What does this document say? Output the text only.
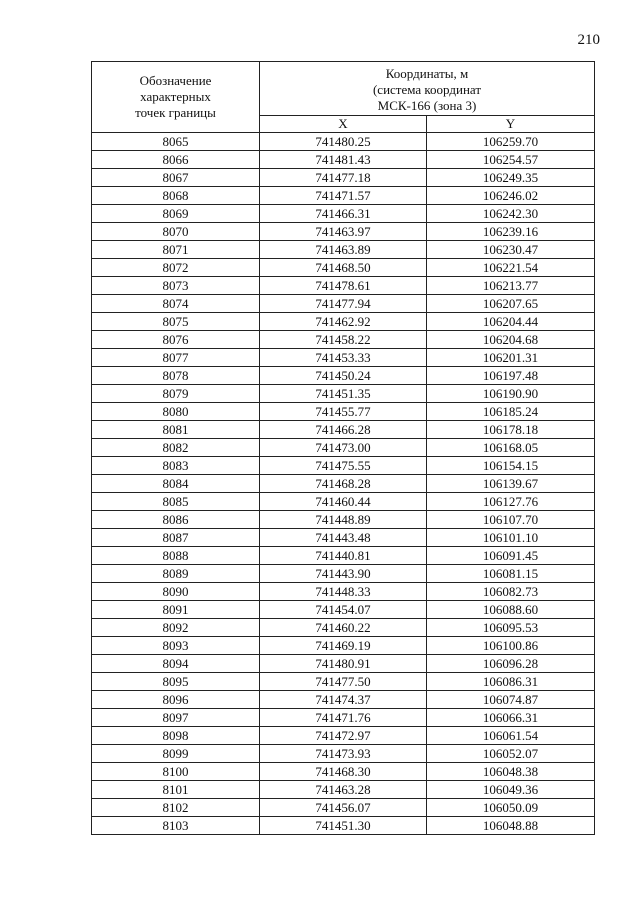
210
Обозначение
характерных
точек границы	Координаты, м
(система координат
МСК-166 (зона 3)	

	X	Y
8065	741480.25	106259.70
8066	741481.43	106254.57
8067	741477.18	106249.35
8068	741471.57	106246.02
8069	741466.31	106242.30
8070	741463.97	106239.16
8071	741463.89	106230.47
8072	741468.50	106221.54
8073	741478.61	106213.77
8074	741477.94	106207.65
8075	741462.92	106204.44
8076	741458.22	106204.68
8077	741453.33	106201.31
8078	741450.24	106197.48
8079	741451.35	106190.90
8080	741455.77	106185.24
8081	741466.28	106178.18
8082	741473.00	106168.05
8083	741475.55	106154.15
8084	741468.28	106139.67
8085	741460.44	106127.76
8086	741448.89	106107.70
8087	741443.48	106101.10
8088	741440.81	106091.45
8089	741443.90	106081.15
8090	741448.33	106082.73
8091	741454.07	106088.60
8092	741460.22	106095.53
8093	741469.19	106100.86
8094	741480.91	106096.28
8095	741477.50	106086.31
8096	741474.37	106074.87
8097	741471.76	106066.31
8098	741472.97	106061.54
8099	741473.93	106052.07
8100	741468.30	106048.38
8101	741463.28	106049.36
8102	741456.07	106050.09
8103	741451.30	106048.88
